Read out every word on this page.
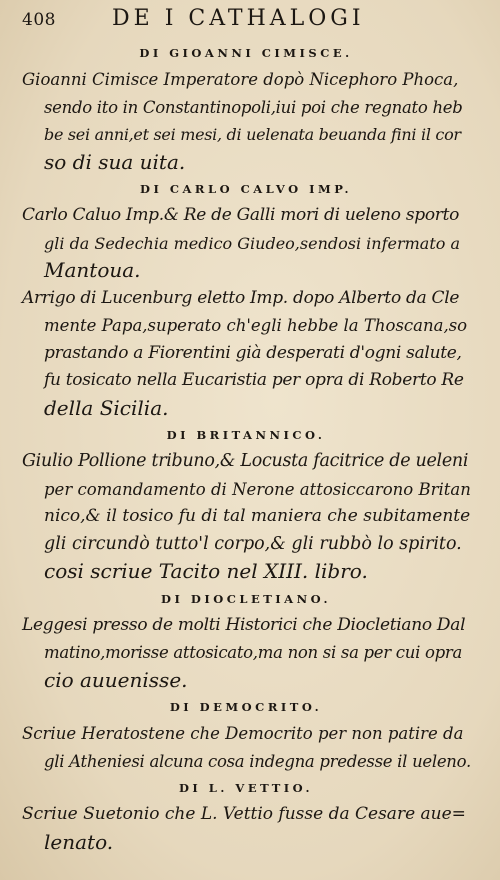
408	DE I CATHALOGI
DI GIOANNI CIMISCE.
Gioanni Cimisce Imperatore dopò Nicephoro Phoca,
sendo ito in Constantinopoli,iui poi che regnato heb
be sei anni,et sei mesi, di uelenata beuanda fini il cor
so di sua uita.
DI CARLO CALVO IMP.
Carlo Caluo Imp.& Re de Galli mori di ueleno sporto
gli da Sedechia medico Giudeo,sendosi infermato a
Mantoua.
Arrigo di Lucenburg eletto Imp. dopo Alberto da Cle
mente Papa,superato ch'egli hebbe la Thoscana,so
prastando a Fiorentini già desperati d'ogni salute,
fu tosicato nella Eucaristia per opra di Roberto Re
della Sicilia.
DI BRITANNICO.
Giulio Pollione tribuno,& Locusta facitrice de ueleni
per comandamento di Nerone attosiccarono Britan
nico,& il tosico fu di tal maniera che subitamente
gli circundò tutto'l corpo,& gli rubbò lo spirito.
cosi scriue Tacito nel XIII. libro.
DI DIOCLETIANO.
Leggesi presso de molti Historici che Diocletiano Dal
matino,morisse attosicato,ma non si sa per cui opra
cio auuenisse.
DI DEMOCRITO.
Scriue Heratostene che Democrito per non patire da
gli Atheniesi alcuna cosa indegna predesse il ueleno.
DI L. VETTIO.
Scriue Suetonio che L. Vettio fusse da Cesare aue=
lenato.
